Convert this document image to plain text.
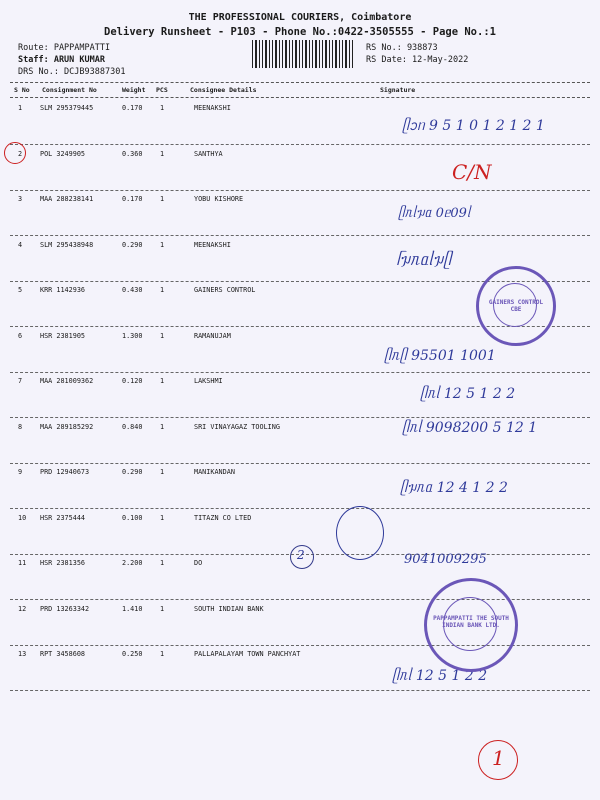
THE PROFESSIONAL COURIERS, Coimbatore
Delivery Runsheet - P103 - Phone No.:0422-3505555 - Page No.:1
Route: PAPPAMPATTI
Staff: ARUN KUMAR
DRS No.: DCJB93887301
RS No.: 938873
RS Date: 12-May-2022
S No Consignment No	Weight PCS	Consignee Details	Signature
1	SLM 295379445	0.170	1	MEENAKSHI
2	POL 3249905	0.360	1	SANTHYA
3	MAA 288238141	0.170	1	YOBU KISHORE
4	SLM 295438948	0.290	1	MEENAKSHI
5	KRR 1142936	0.430	1	GAINERS CONTROL
6	HSR 2381905	1.300	1	RAMANUJAM
7	MAA 281009362	0.120	1	LAKSHMI
8	MAA 289185292	0.840	1	SRI VINAYAGAZ TOOLING
9	PRD 12940673	0.290	1	MANIKANDAN
10 HSR 2375444	0.100	1	TITAZN CO LTED
11 HSR 2381356	2.200	1	DO
12 PRD 13263342	1.410	1	SOUTH INDIAN BANK
13 RPT 3458608	0.250	1	PALLAPALAYAM TOWN PANCHYAT
ᥫᩣᥒ 9 5 1 0 1 2 1 2 1
C/N
ᥫᥰᥣᥭᥲ 0ᥱ09ᥣ
ᥬᥭᥰᥲᥣᥭᥫ
ᥫᥰᥫ 95501 1001
ᥫᥰᥣ 12 5 1 2 2
ᥫᥰᥣ 9098200 5 12 1
ᥫᥭᥰᥲ 12 4 1 2 2
9041009295
2
ᥫᥰᥣ 12 5 1 2 2
1
GAINERS CONTROL CBE
PAPPAMPATTI THE SOUTH INDIAN BANK LTD.
